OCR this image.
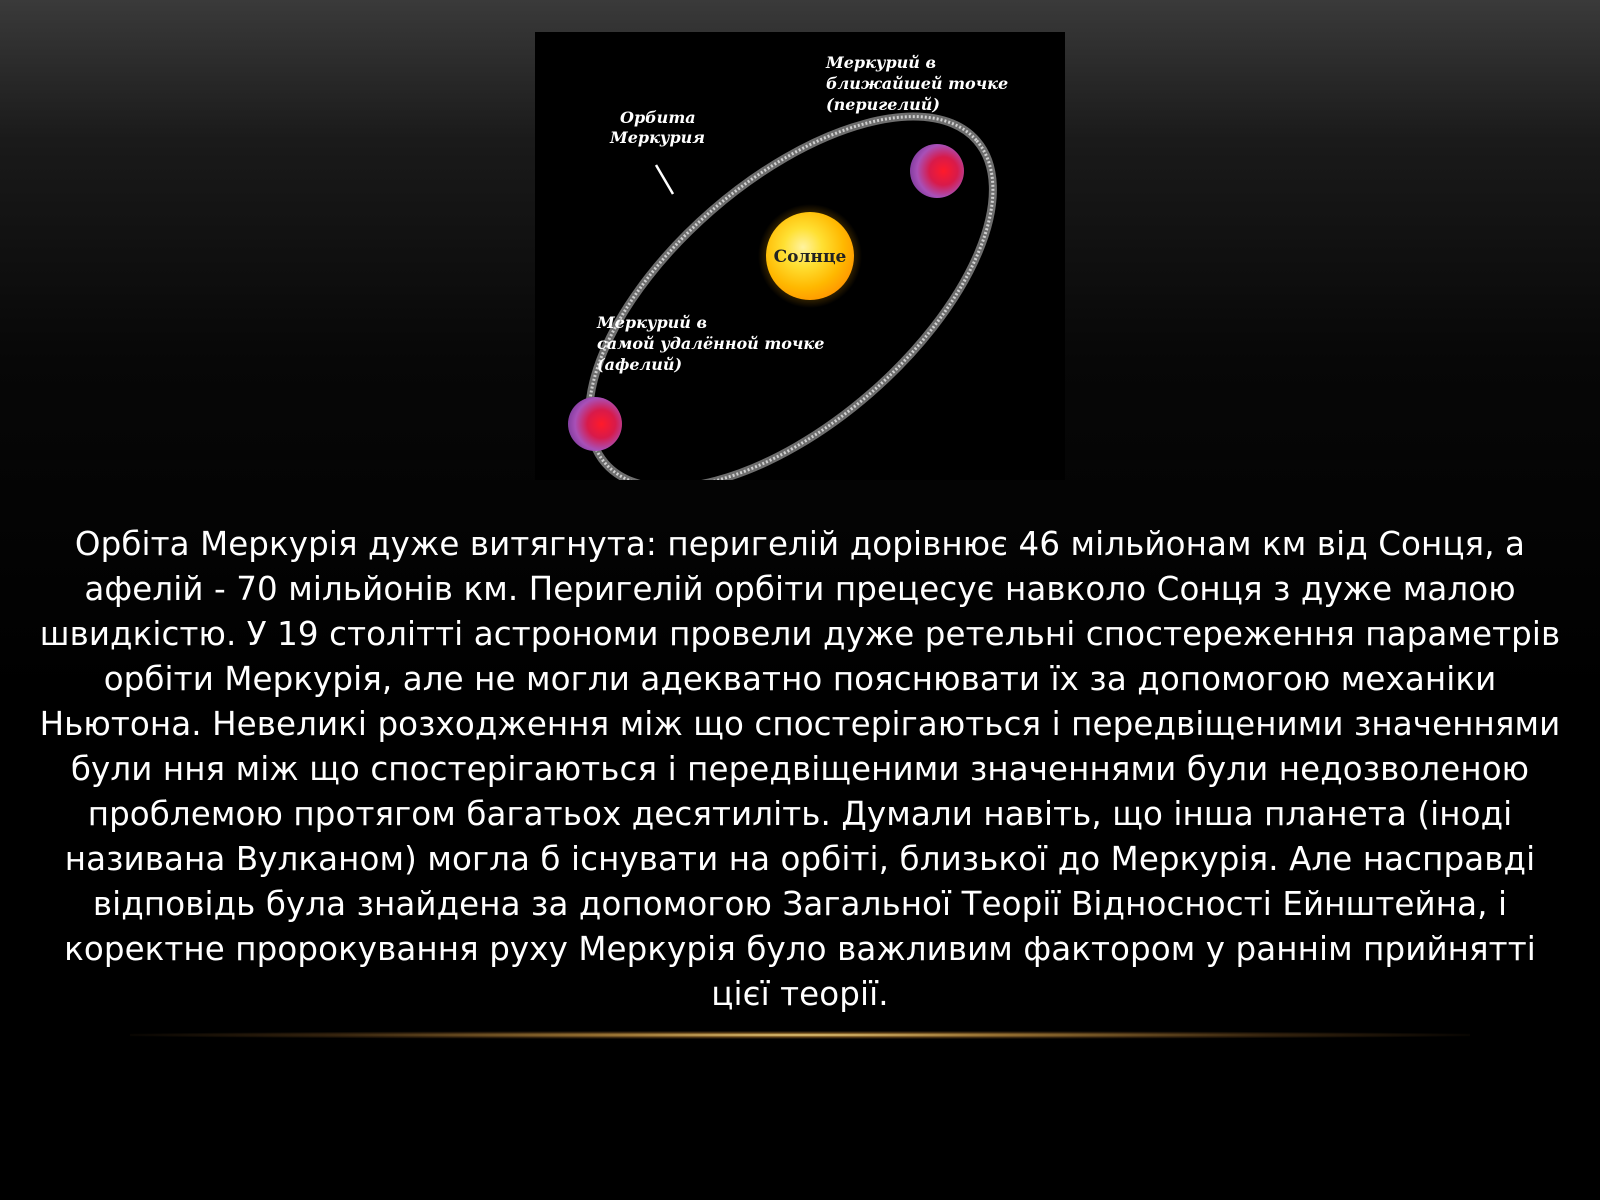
Солнце
Орбита
Меркурия
Меркурий в
ближайшей точке
(перигелий)
Меркурий в
самой удалённой точке
(афелий)

Орбіта Меркурія дуже витягнута: перигелій дорівнює 46 мільйонам км від Сонця, а афелій - 70 мільйонів км. Перигелій орбіти прецесує навколо Сонця з дуже малою швидкістю. У 19 столітті астрономи провели дуже ретельні спостереження параметрів орбіти Меркурія, але не могли адекватно пояснювати їх за допомогою механіки Ньютона. Невеликі розходження між що спостерігаються і передвіщеними значеннями були ння між що спостерігаються і передвіщеними значеннями були недозволеною проблемою протягом багатьох десятиліть. Думали навіть, що інша планета (іноді називана Вулканом) могла б існувати на орбіті, близької до Меркурія. Але насправді відповідь була знайдена за допомогою Загальної Теорії Відносності Ейнштейна, і коректне пророкування руху Меркурія було важливим фактором у раннім прийнятті цієї теорії.
